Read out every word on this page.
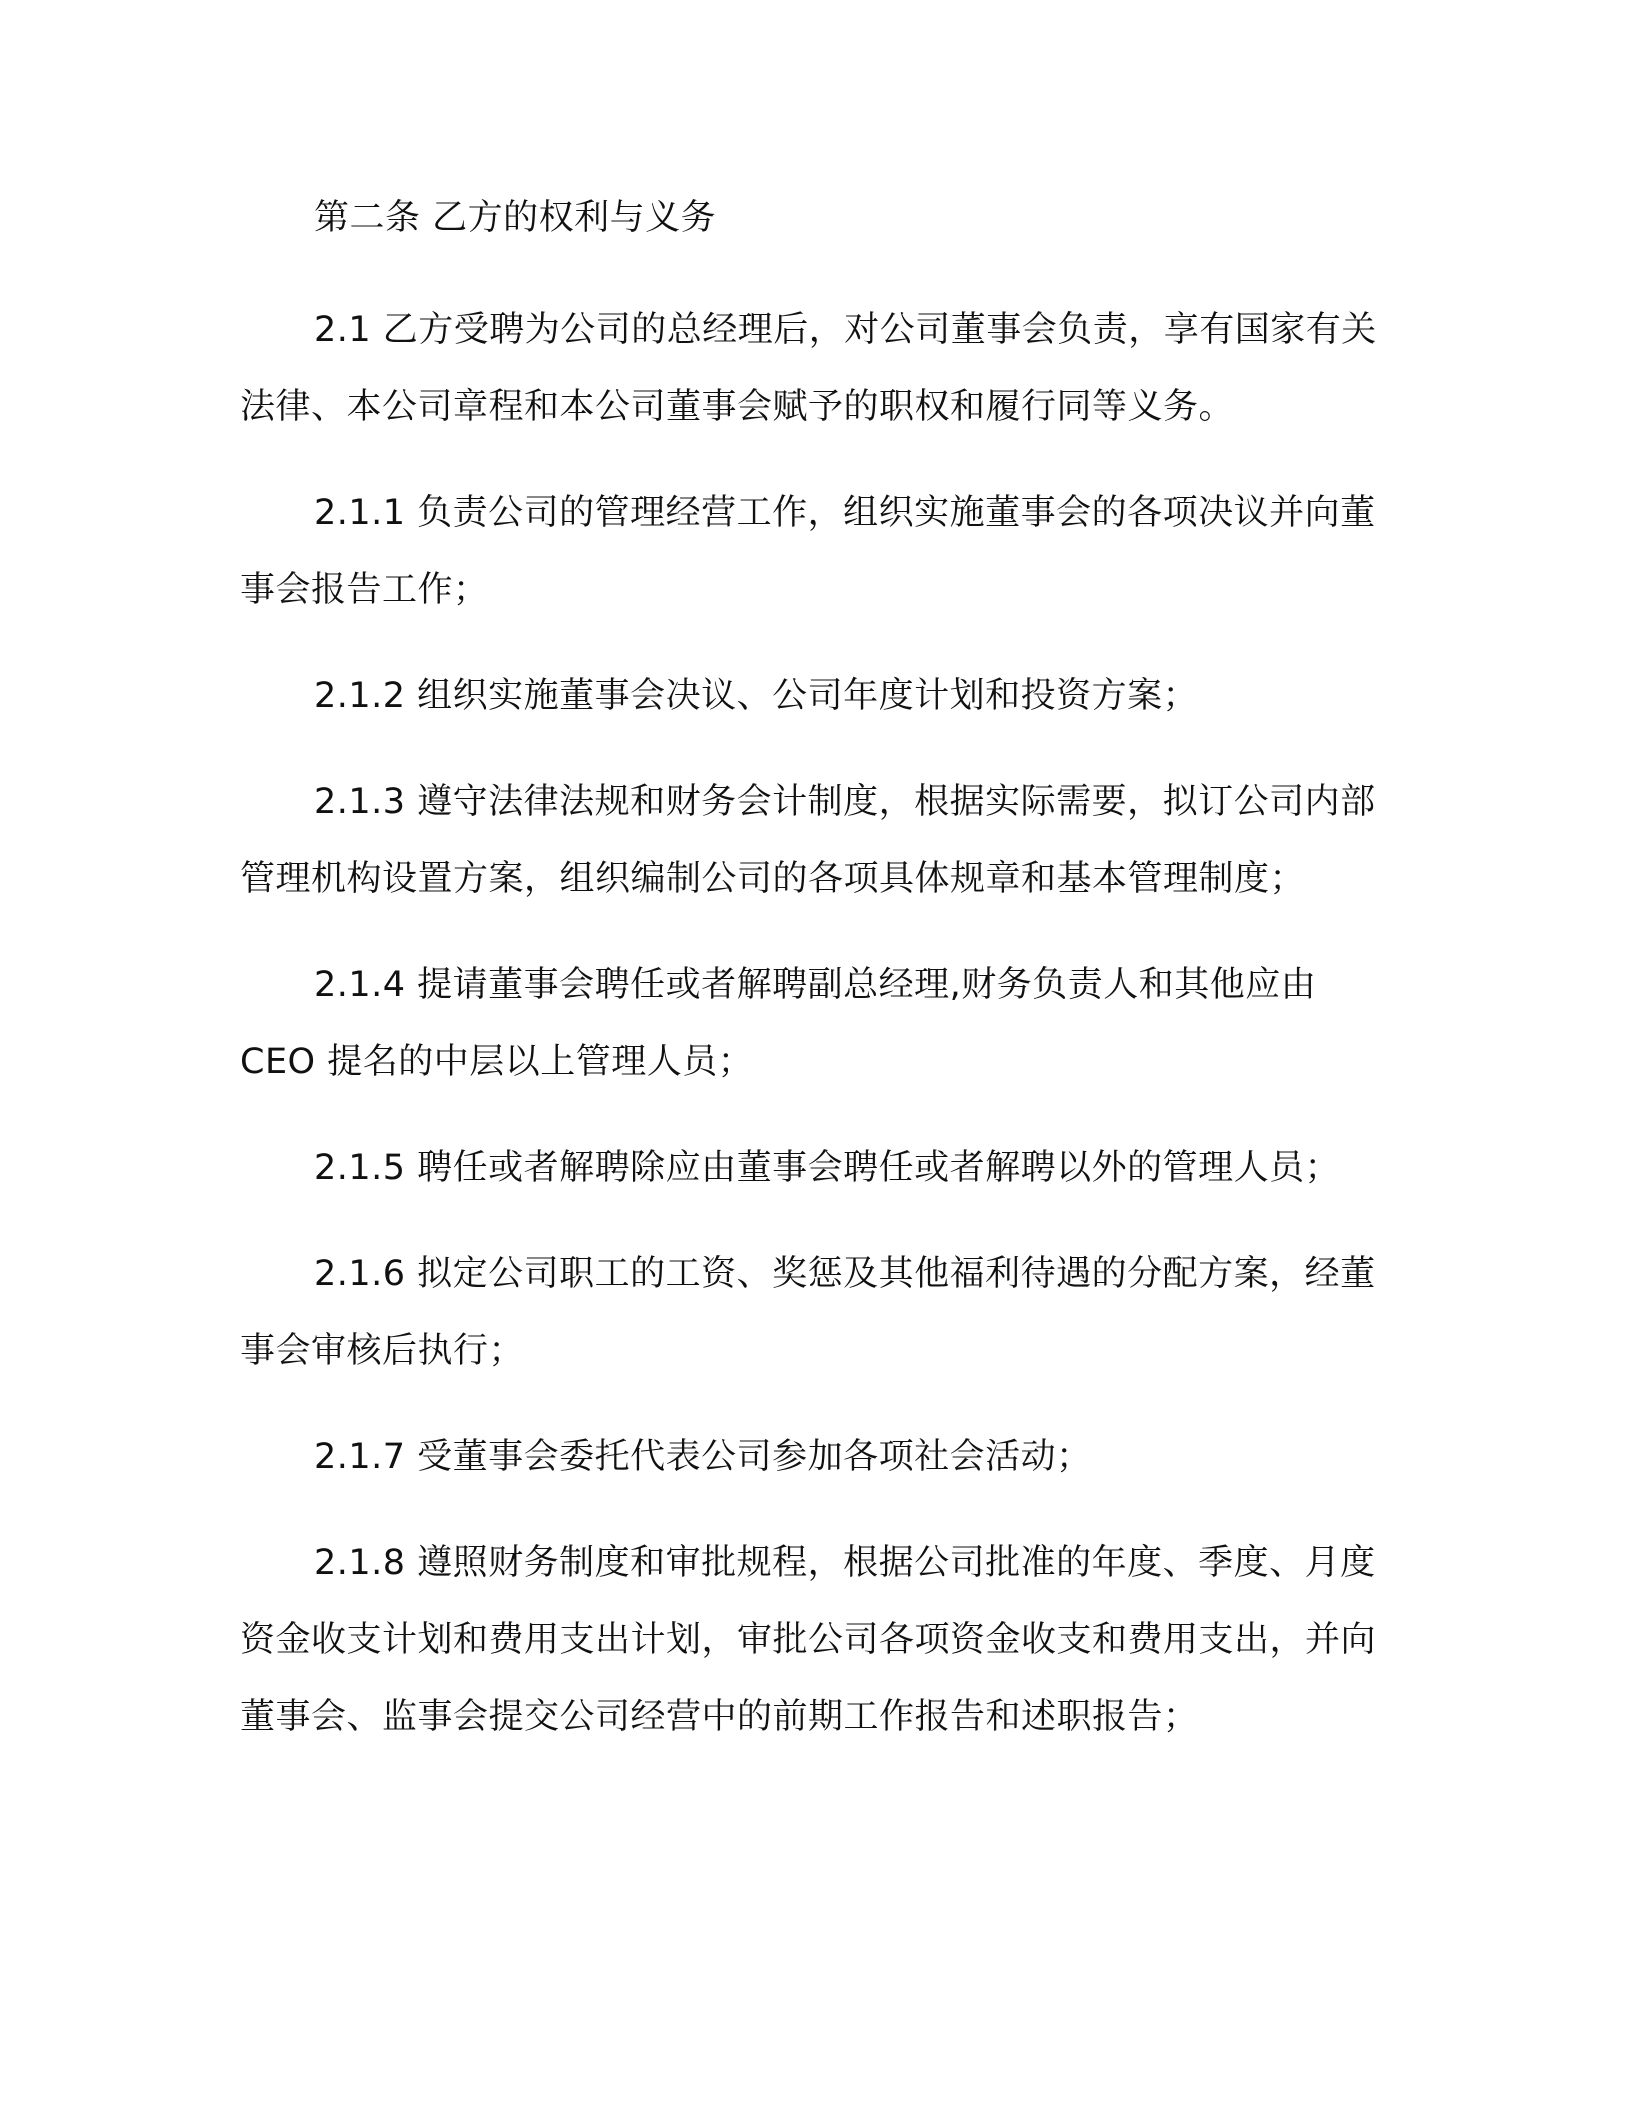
第二条 乙方的权利与义务

2.1 乙方受聘为公司的总经理后，对公司董事会负责，享有国家有关法律、本公司章程和本公司董事会赋予的职权和履行同等义务。

2.1.1 负责公司的管理经营工作，组织实施董事会的各项决议并向董事会报告工作；

2.1.2 组织实施董事会决议、公司年度计划和投资方案；

2.1.3 遵守法律法规和财务会计制度，根据实际需要，拟订公司内部管理机构设置方案，组织编制公司的各项具体规章和基本管理制度；

2.1.4 提请董事会聘任或者解聘副总经理,财务负责人和其他应由CEO 提名的中层以上管理人员；

2.1.5 聘任或者解聘除应由董事会聘任或者解聘以外的管理人员；

2.1.6 拟定公司职工的工资、奖惩及其他福利待遇的分配方案，经董事会审核后执行；

2.1.7 受董事会委托代表公司参加各项社会活动；

2.1.8 遵照财务制度和审批规程，根据公司批准的年度、季度、月度资金收支计划和费用支出计划，审批公司各项资金收支和费用支出，并向董事会、监事会提交公司经营中的前期工作报告和述职报告；
